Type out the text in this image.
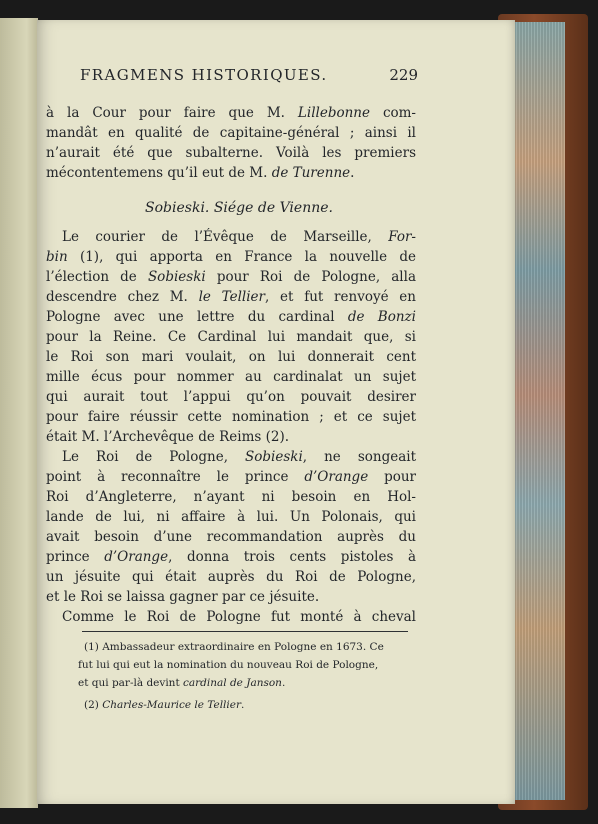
FRAGMENS HISTORIQUES.	229
à la Cour pour faire que M. Lillebonne com-
mandât en qualité de capitaine-général ; ainsi il
n’aurait été que subalterne. Voilà les premiers
mécontentemens qu’il eut de M. de Turenne.
Sobieski. Siége de Vienne.
Le courier de l’Évêque de Marseille, For-
bin (1), qui apporta en France la nouvelle de
l’élection de Sobieski pour Roi de Pologne, alla
descendre chez M. le Tellier, et fut renvoyé en
Pologne avec une lettre du cardinal de Bonzi
pour la Reine. Ce Cardinal lui mandait que, si
le Roi son mari voulait, on lui donnerait cent
mille écus pour nommer au cardinalat un sujet
qui aurait tout l’appui qu’on pouvait desirer
pour faire réussir cette nomination ; et ce sujet
était M. l’Archevêque de Reims (2).
Le Roi de Pologne, Sobieski, ne songeait
point à reconnaître le prince d’Orange pour
Roi d’Angleterre, n’ayant ni besoin en Hol-
lande de lui, ni affaire à lui. Un Polonais, qui
avait besoin d’une recommandation auprès du
prince d’Orange, donna trois cents pistoles à
un jésuite qui était auprès du Roi de Pologne,
et le Roi se laissa gagner par ce jésuite.
Comme le Roi de Pologne fut monté à cheval
(1) Ambassadeur extraordinaire en Pologne en 1673. Ce
fut lui qui eut la nomination du nouveau Roi de Pologne,
et qui par-là devint cardinal de Janson.
(2) Charles-Maurice le Tellier.
